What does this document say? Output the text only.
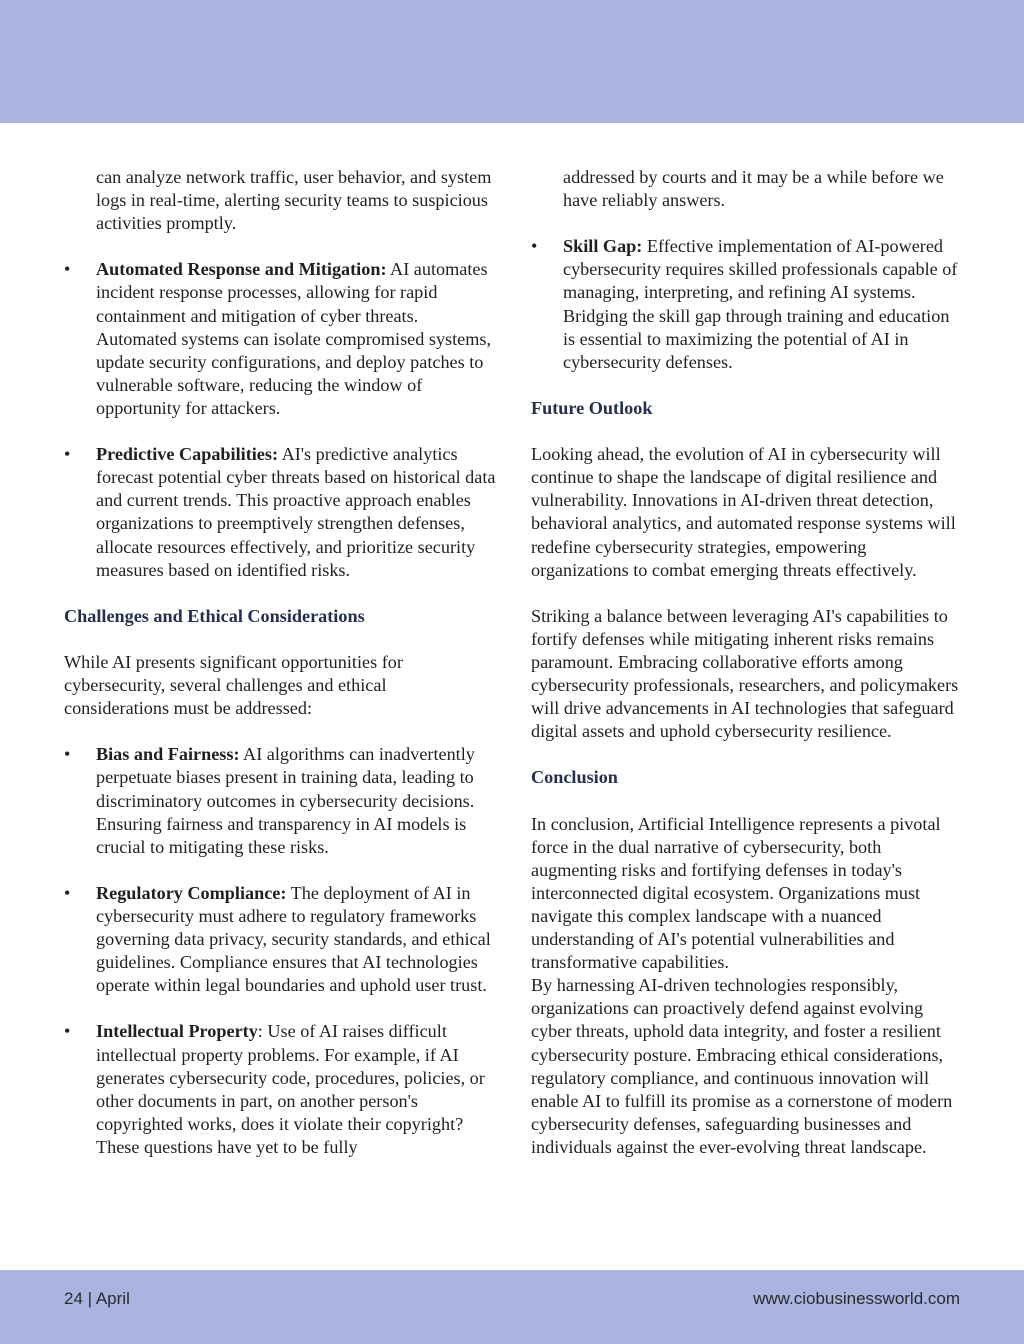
can analyze network traffic, user behavior, and system logs in real-time, alerting security teams to suspicious activities promptly.

• Automated Response and Mitigation: AI automates incident response processes, allowing for rapid containment and mitigation of cyber threats. Automated systems can isolate compromised systems, update security configurations, and deploy patches to vulnerable software, reducing the window of opportunity for attackers.
• Predictive Capabilities: AI's predictive analytics forecast potential cyber threats based on historical data and current trends. This proactive approach enables organizations to preemptively strengthen defenses, allocate resources effectively, and prioritize security measures based on identified risks.
Challenges and Ethical Considerations

While AI presents significant opportunities for cybersecurity, several challenges and ethical considerations must be addressed:

• Bias and Fairness: AI algorithms can inadvertently perpetuate biases present in training data, leading to discriminatory outcomes in cybersecurity decisions. Ensuring fairness and transparency in AI models is crucial to mitigating these risks.
• Regulatory Compliance: The deployment of AI in cybersecurity must adhere to regulatory frameworks governing data privacy, security standards, and ethical guidelines. Compliance ensures that AI technologies operate within legal boundaries and uphold user trust.
• Intellectual Property: Use of AI raises difficult intellectual property problems. For example, if AI generates cybersecurity code, procedures, policies, or other documents in part, on another person's copyrighted works, does it violate their copyright? These questions have yet to be fully

addressed by courts and it may be a while before we have reliably answers.

• Skill Gap: Effective implementation of AI-powered cybersecurity requires skilled professionals capable of managing, interpreting, and refining AI systems. Bridging the skill gap through training and education is essential to maximizing the potential of AI in cybersecurity defenses.
Future Outlook

Looking ahead, the evolution of AI in cybersecurity will continue to shape the landscape of digital resilience and vulnerability. Innovations in AI-driven threat detection, behavioral analytics, and automated response systems will redefine cybersecurity strategies, empowering organizations to combat emerging threats effectively.

Striking a balance between leveraging AI's capabilities to fortify defenses while mitigating inherent risks remains paramount. Embracing collaborative efforts among cybersecurity professionals, researchers, and policymakers will drive advancements in AI technologies that safeguard digital assets and uphold cybersecurity resilience.

Conclusion

In conclusion, Artificial Intelligence represents a pivotal force in the dual narrative of cybersecurity, both augmenting risks and fortifying defenses in today's interconnected digital ecosystem. Organizations must navigate this complex landscape with a nuanced understanding of AI's potential vulnerabilities and transformative capabilities.

By harnessing AI-driven technologies responsibly, organizations can proactively defend against evolving cyber threats, uphold data integrity, and foster a resilient cybersecurity posture. Embracing ethical considerations, regulatory compliance, and continuous innovation will enable AI to fulfill its promise as a cornerstone of modern cybersecurity defenses, safeguarding businesses and individuals against the ever-evolving threat landscape.

24 | April	www.ciobusinessworld.com
